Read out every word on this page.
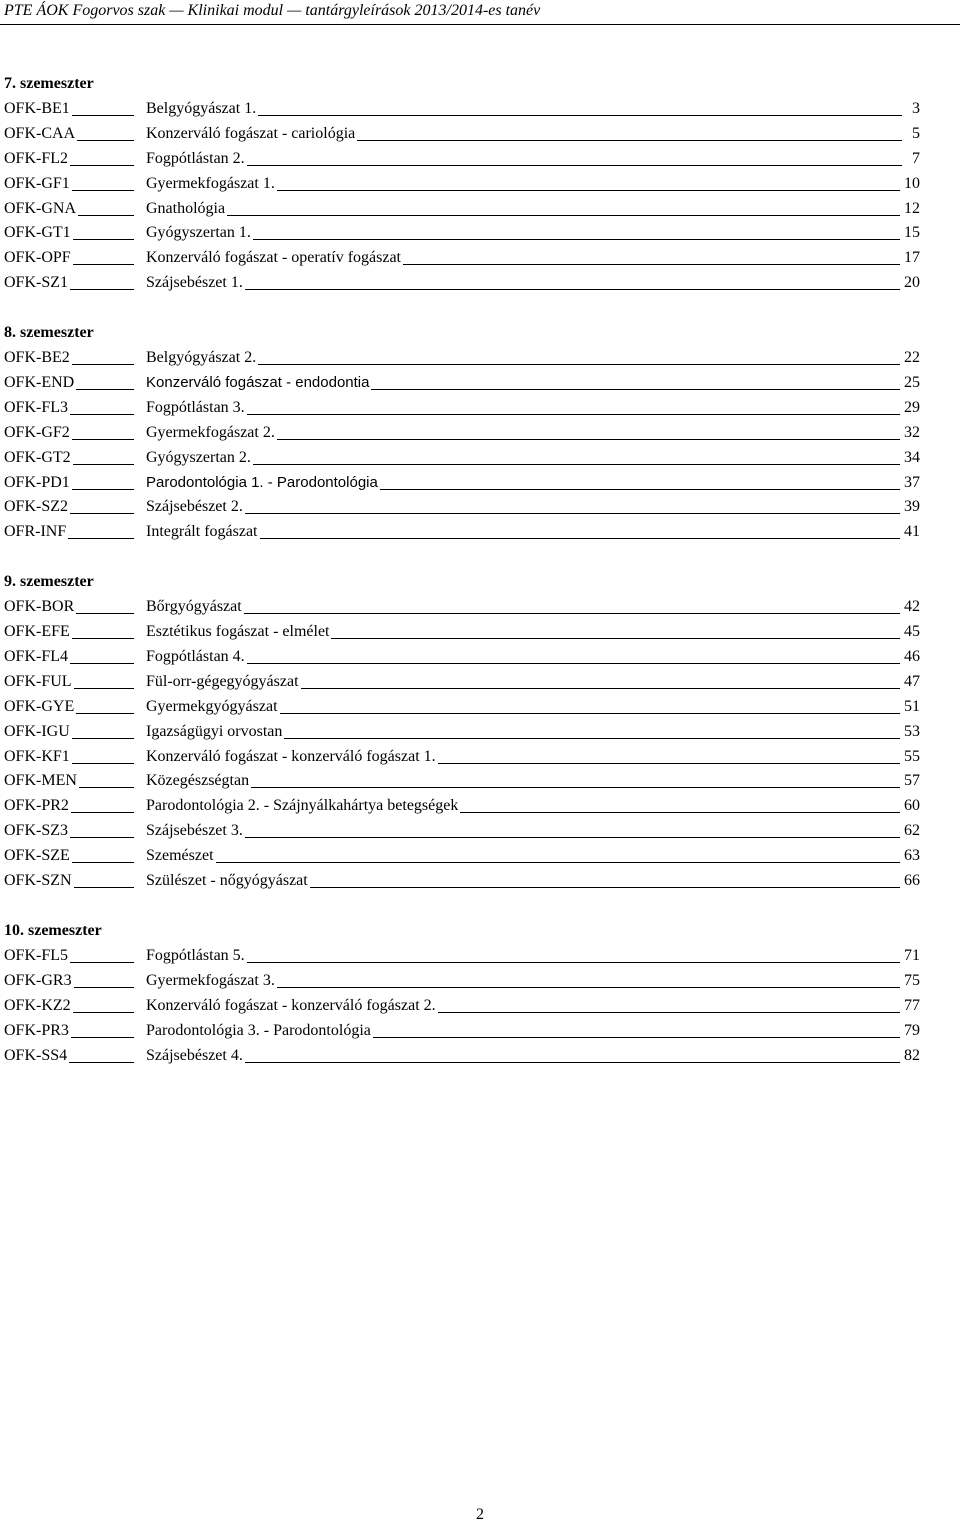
PTE ÁOK Fogorvos szak — Klinikai modul — tantárgyleírások 2013/2014-es tanév
7. szemeszter
OFK-BE1	Belgyógyászat 1.	3
OFK-CAA	Konzerváló fogászat - cariológia	5
OFK-FL2	Fogpótlástan 2.	7
OFK-GF1	Gyermekfogászat 1.	10
OFK-GNA	Gnathológia	12
OFK-GT1	Gyógyszertan 1.	15
OFK-OPF	Konzerváló fogászat - operatív fogászat	17
OFK-SZ1	Szájsebészet 1.	20
8. szemeszter
OFK-BE2	Belgyógyászat 2.	22
OFK-END	Konzerváló fogászat - endodontia	25
OFK-FL3	Fogpótlástan 3.	29
OFK-GF2	Gyermekfogászat 2.	32
OFK-GT2	Gyógyszertan 2.	34
OFK-PD1	Parodontológia 1. - Parodontológia	37
OFK-SZ2	Szájsebészet 2.	39
OFR-INF	Integrált fogászat	41
9. szemeszter
OFK-BOR	Bőrgyógyászat	42
OFK-EFE	Esztétikus fogászat - elmélet	45
OFK-FL4	Fogpótlástan 4.	46
OFK-FUL	Fül-orr-gégegyógyászat	47
OFK-GYE	Gyermekgyógyászat	51
OFK-IGU	Igazságügyi orvostan	53
OFK-KF1	Konzerváló fogászat - konzerváló fogászat 1.	55
OFK-MEN	Közegészségtan	57
OFK-PR2	Parodontológia 2. - Szájnyálkahártya betegségek	60
OFK-SZ3	Szájsebészet 3.	62
OFK-SZE	Szemészet	63
OFK-SZN	Szülészet - nőgyógyászat	66
10. szemeszter
OFK-FL5	Fogpótlástan 5.	71
OFK-GR3	Gyermekfogászat 3.	75
OFK-KZ2	Konzerváló fogászat - konzerváló fogászat 2.	77
OFK-PR3	Parodontológia 3. - Parodontológia	79
OFK-SS4	Szájsebészet 4.	82
2
